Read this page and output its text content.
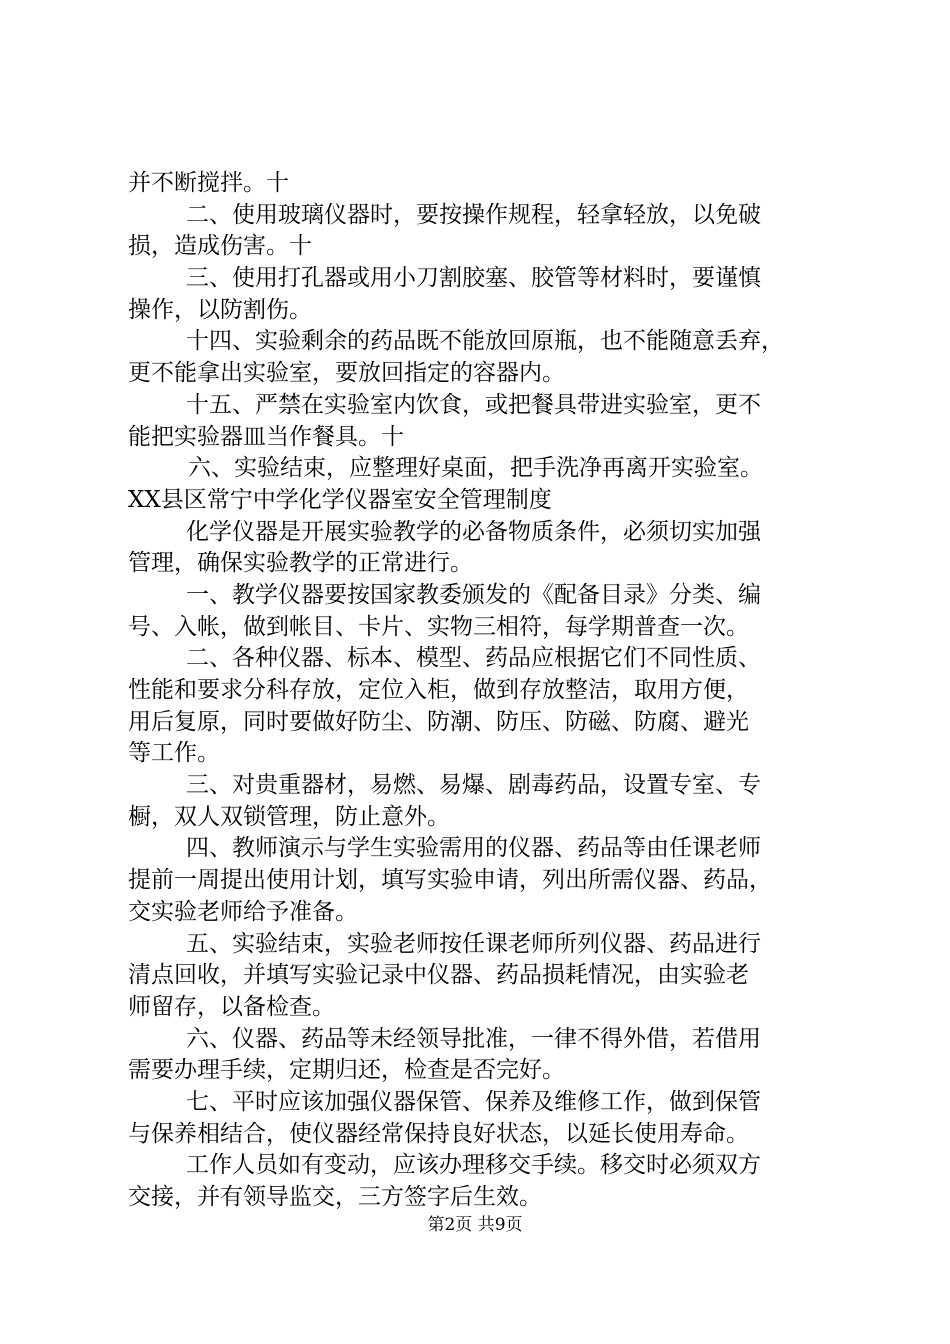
并不断搅拌。十
二、使用玻璃仪器时，要按操作规程，轻拿轻放，以免破
损，造成伤害。十
三、使用打孔器或用小刀割胶塞、胶管等材料时，要谨慎
操作，以防割伤。
十四、实验剩余的药品既不能放回原瓶，也不能随意丢弃，
更不能拿出实验室，要放回指定的容器内。
十五、严禁在实验室内饮食，或把餐具带进实验室，更不
能把实验器皿当作餐具。十
六、实验结束，应整理好桌面，把手洗净再离开实验室。
XX县区常宁中学化学仪器室安全管理制度
化学仪器是开展实验教学的必备物质条件，必须切实加强
管理，确保实验教学的正常进行。
一、教学仪器要按国家教委颁发的《配备目录》分类、编
号、入帐，做到帐目、卡片、实物三相符，每学期普查一次。
二、各种仪器、标本、模型、药品应根据它们不同性质、
性能和要求分科存放，定位入柜，做到存放整洁，取用方便，
用后复原，同时要做好防尘、防潮、防压、防磁、防腐、避光
等工作。
三、对贵重器材，易燃、易爆、剧毒药品，设置专室、专
橱，双人双锁管理，防止意外。
四、教师演示与学生实验需用的仪器、药品等由任课老师
提前一周提出使用计划，填写实验申请，列出所需仪器、药品，
交实验老师给予准备。
五、实验结束，实验老师按任课老师所列仪器、药品进行
清点回收，并填写实验记录中仪器、药品损耗情况，由实验老
师留存，以备检查。
六、仪器、药品等未经领导批准，一律不得外借，若借用
需要办理手续，定期归还，检查是否完好。
七、平时应该加强仪器保管、保养及维修工作，做到保管
与保养相结合，使仪器经常保持良好状态，以延长使用寿命。
工作人员如有变动，应该办理移交手续。移交时必须双方
交接，并有领导监交，三方签字后生效。
第2页 共9页
